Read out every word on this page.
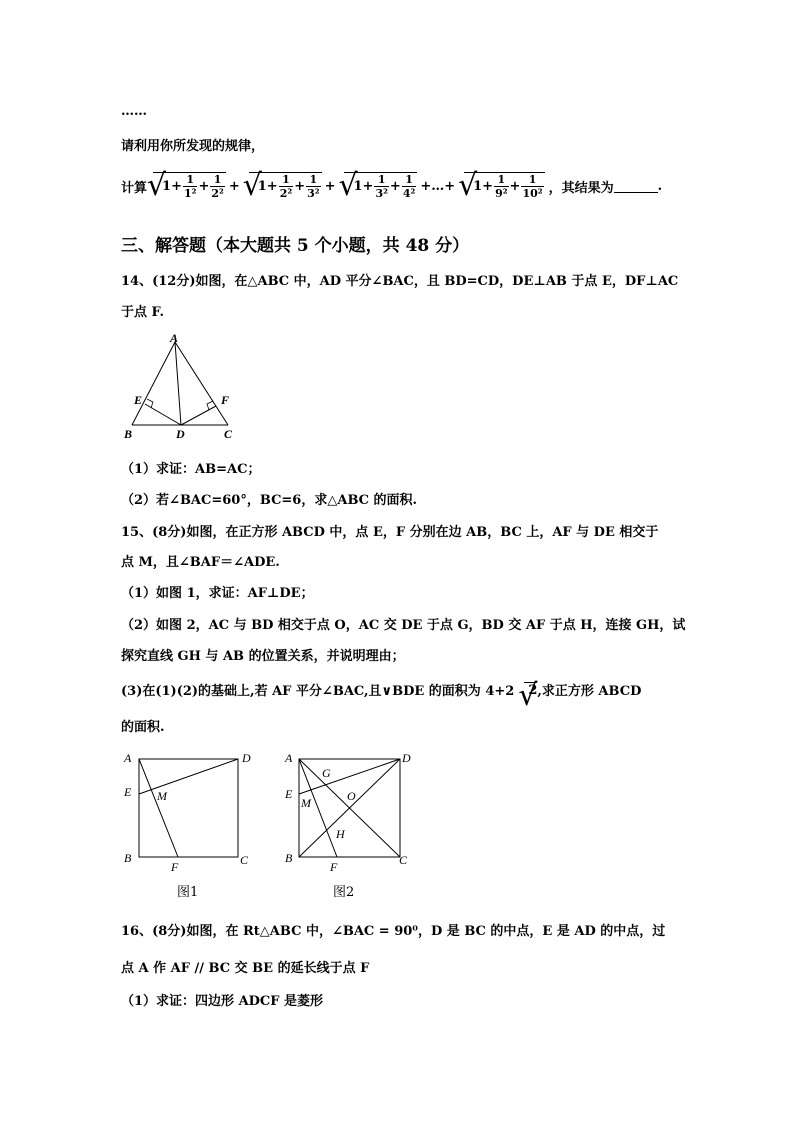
……
请利用你所发现的规律，
计算	√ $1+ \frac{1}{\text{1²}} + \frac{1}{\text{2²}}$ +	√ $1+ \frac{1}{\text{2²}} + \frac{1}{\text{3²}}$ +	√ $1+ \frac{1}{\text{3²}} + \frac{1}{\text{4²}}$ +…+	√ $1+ \frac{1}{\text{9²}} + \frac{1}{\text{10²}}$ ，其结果为	.
三、解答题（本大题共 5 个小题，共 48 分）
14、(12分)如图，在△ABC 中，AD 平分∠BAC，且 BD=CD，DE⊥AB 于点 E，DF⊥AC
于点 F.
A
E	F
B	D	C
（1）求证：AB=AC；
（2）若∠BAC=60°，BC=6，求△ABC 的面积.
15、(8分)如图，在正方形 ABCD 中，点 E，F 分别在边 AB，BC 上，AF 与 DE 相交于
点 M，且∠BAF＝∠ADE.
（1）如图 1，求证：AF⊥DE；
（2）如图 2，AC 与 BD 相交于点 O，AC 交 DE 于点 G，BD 交 AF 于点 H，连接 GH，试
探究直线 GH 与 AB 的位置关系，并说明理由；
(3)在(1)(2)的基础上,若 AF 平分∠BAC,且∨BDE 的面积为 4+2	√ 2 ,求正方形 ABCD
的面积.
A	D
E M
B
F	C
图1
A	D
G
E
M	O
H
B
F	C
图2
16、(8分)如图，在 Rt△ABC 中，∠BAC = 90⁰，D 是 BC 的中点，E 是 AD 的中点，过
点 A 作 AF // BC 交 BE 的延长线于点 F
（1）求证：四边形 ADCF 是菱形
